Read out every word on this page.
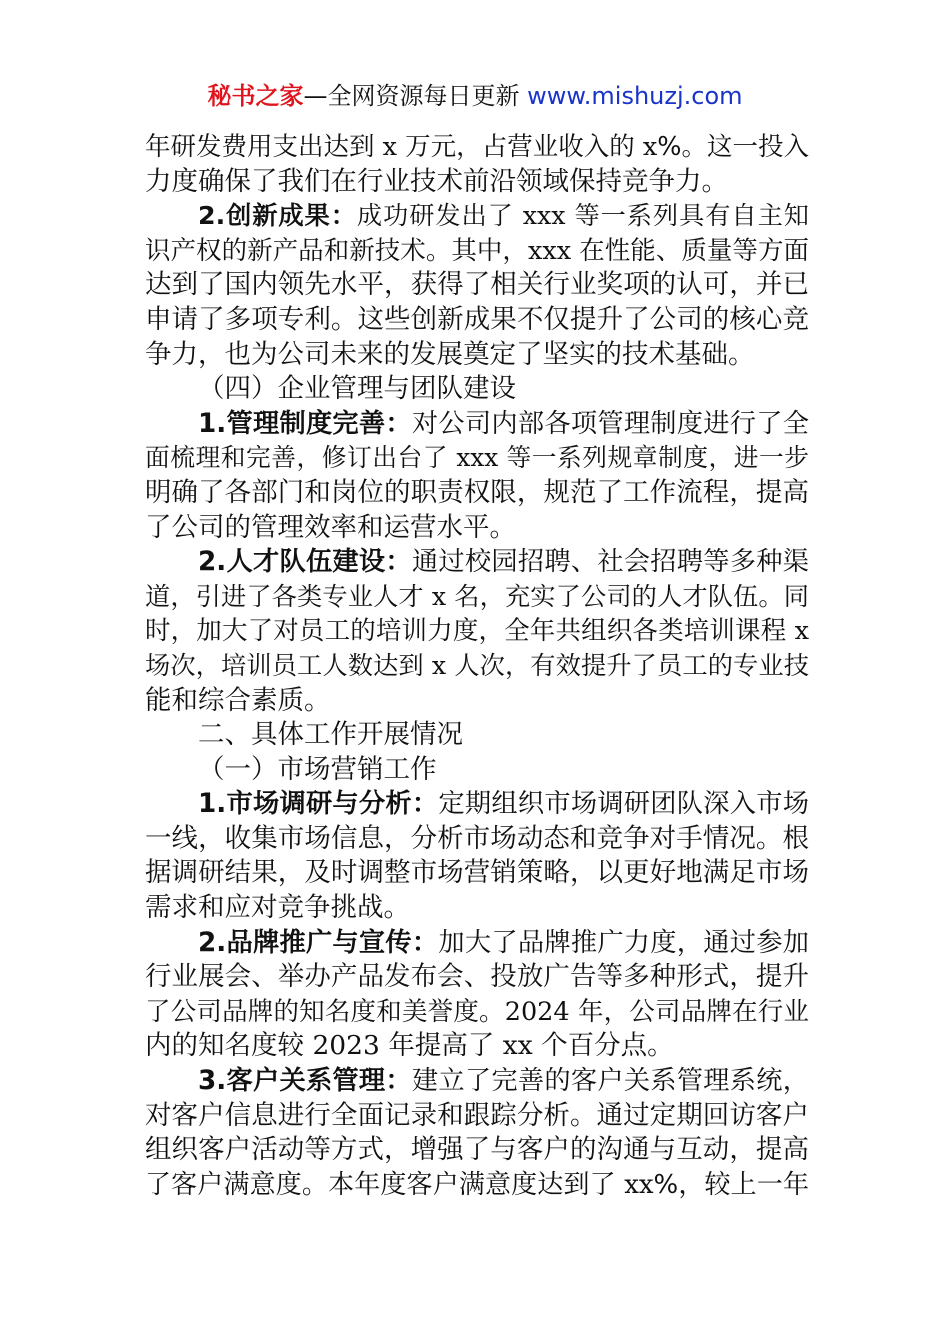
秘书之家—全网资源每日更新 www.mishuzj.com
年研发费用支出达到 x 万元，占营业收入的 x%。这一投入
力度确保了我们在行业技术前沿领域保持竞争力。
2.创新成果：成功研发出了 xxx 等一系列具有自主知
识产权的新产品和新技术。其中，xxx 在性能、质量等方面
达到了国内领先水平，获得了相关行业奖项的认可，并已
申请了多项专利。这些创新成果不仅提升了公司的核心竞
争力，也为公司未来的发展奠定了坚实的技术基础。
（四）企业管理与团队建设
1.管理制度完善：对公司内部各项管理制度进行了全
面梳理和完善，修订出台了 xxx 等一系列规章制度，进一步
明确了各部门和岗位的职责权限，规范了工作流程，提高
了公司的管理效率和运营水平。
2.人才队伍建设：通过校园招聘、社会招聘等多种渠
道，引进了各类专业人才 x 名，充实了公司的人才队伍。同
时，加大了对员工的培训力度，全年共组织各类培训课程 x
场次，培训员工人数达到 x 人次，有效提升了员工的专业技
能和综合素质。
二、具体工作开展情况
（一）市场营销工作
1.市场调研与分析：定期组织市场调研团队深入市场
一线，收集市场信息，分析市场动态和竞争对手情况。根
据调研结果，及时调整市场营销策略，以更好地满足市场
需求和应对竞争挑战。
2.品牌推广与宣传：加大了品牌推广力度，通过参加
行业展会、举办产品发布会、投放广告等多种形式，提升
了公司品牌的知名度和美誉度。2024 年，公司品牌在行业
内的知名度较 2023 年提高了 xx 个百分点。
3.客户关系管理：建立了完善的客户关系管理系统，
对客户信息进行全面记录和跟踪分析。通过定期回访客户
组织客户活动等方式，增强了与客户的沟通与互动，提高
了客户满意度。本年度客户满意度达到了 xx%，较上一年
